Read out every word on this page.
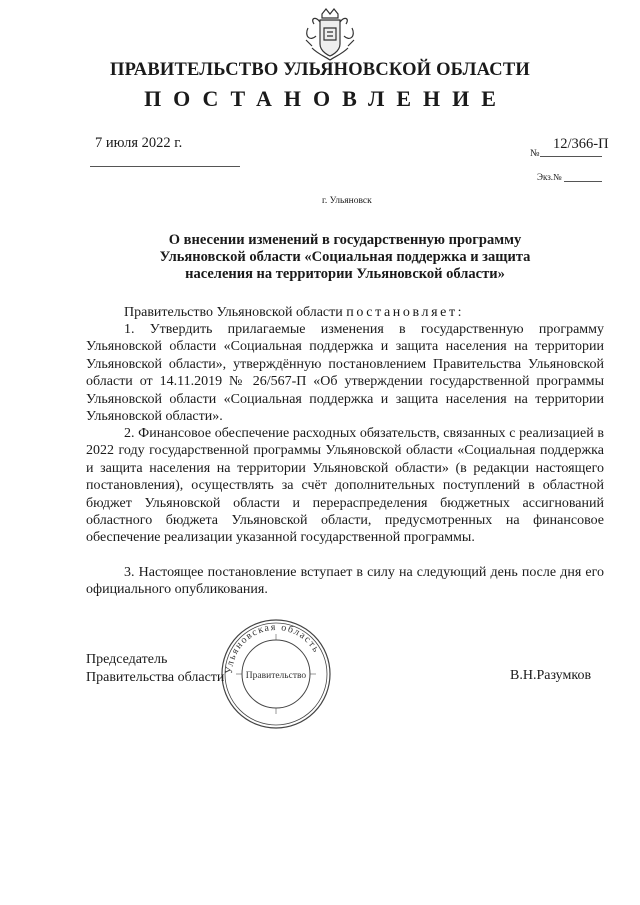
ПРАВИТЕЛЬСТВО УЛЬЯНОВСКОЙ ОБЛАСТИ
ПОСТАНОВЛЕНИЕ
7 июля 2022 г.
№
12/366-П
Экз.№
г. Ульяновск
О внесении изменений в государственную программу
Ульяновской области «Социальная поддержка и защита
населения на территории Ульяновской области»

Правительство Ульяновской области постановляет:

1. Утвердить прилагаемые изменения в государственную программу Ульяновской области «Социальная поддержка и защита населения на территории Ульяновской области», утверждённую постановлением Правительства Ульяновской области от 14.11.2019 № 26/567-П «Об утверждении государственной программы Ульяновской области «Социальная поддержка и защита населения на территории Ульяновской области».

2. Финансовое обеспечение расходных обязательств, связанных с реализацией в 2022 году государственной программы Ульяновской области «Социальная поддержка и защита населения на территории Ульяновской области» (в редакции настоящего постановления), осуществлять за счёт дополнительных поступлений в областной бюджет Ульяновской области и перераспределения бюджетных ассигнований областного бюджета Ульяновской области, предусмотренных на финансовое обеспечение реализации указанной государственной программы.

3. Настоящее постановление вступает в силу на следующий день после дня его официального опубликования.

Ульяновская область
Правительство
Председатель
Правительства области	В.Н.Разумков
